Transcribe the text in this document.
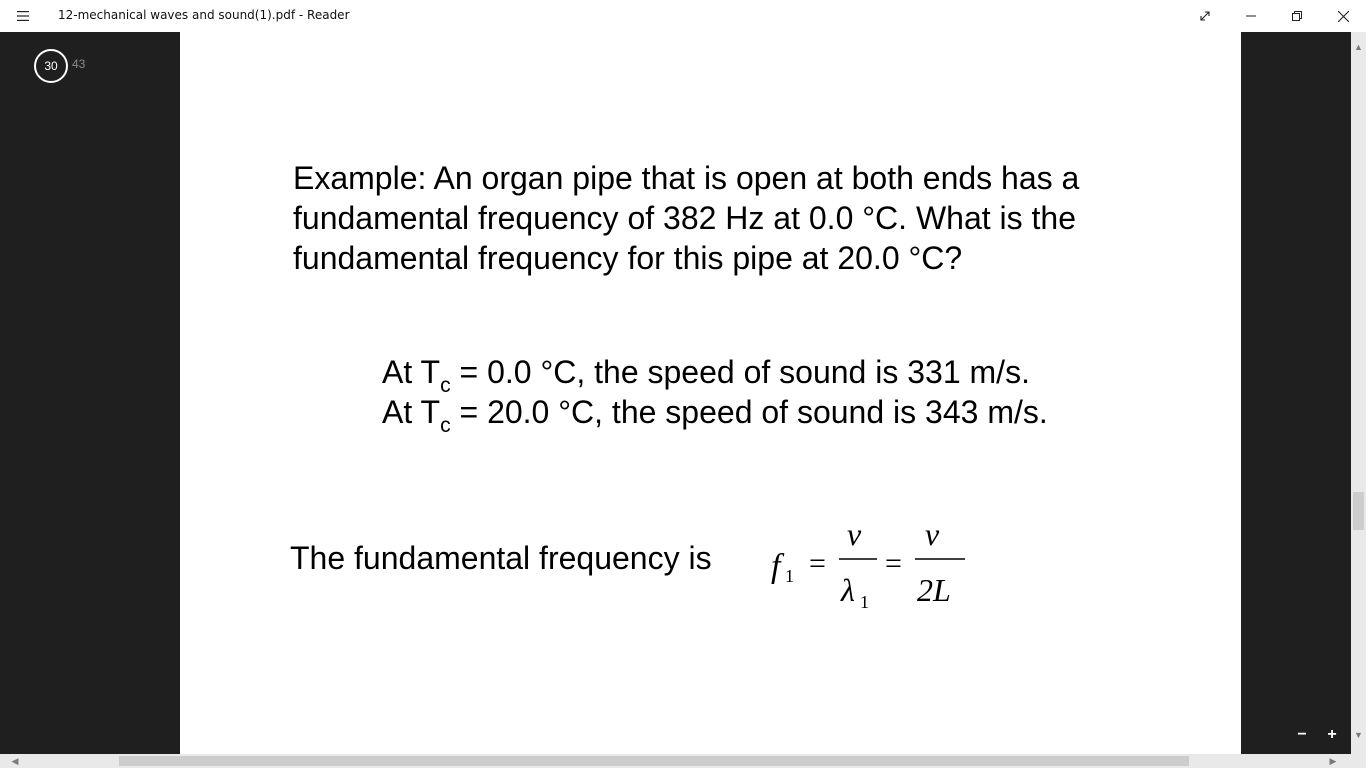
12-mechanical waves and sound(1).pdf - Reader
30	43
Example: An organ pipe that is open at both ends has a
fundamental frequency of 382 Hz at 0.0 °C. What is the
fundamental frequency for this pipe at 20.0 °C?
At $T_c = 0.0$ °C, the speed of sound is 331 m/s.
At $T_c = 20.0$ °C, the speed of sound is 343 m/s.
The fundamental frequency is f 1 =
v
λ 1
=
v
2L
−	+
▲
▼
◀	▶
